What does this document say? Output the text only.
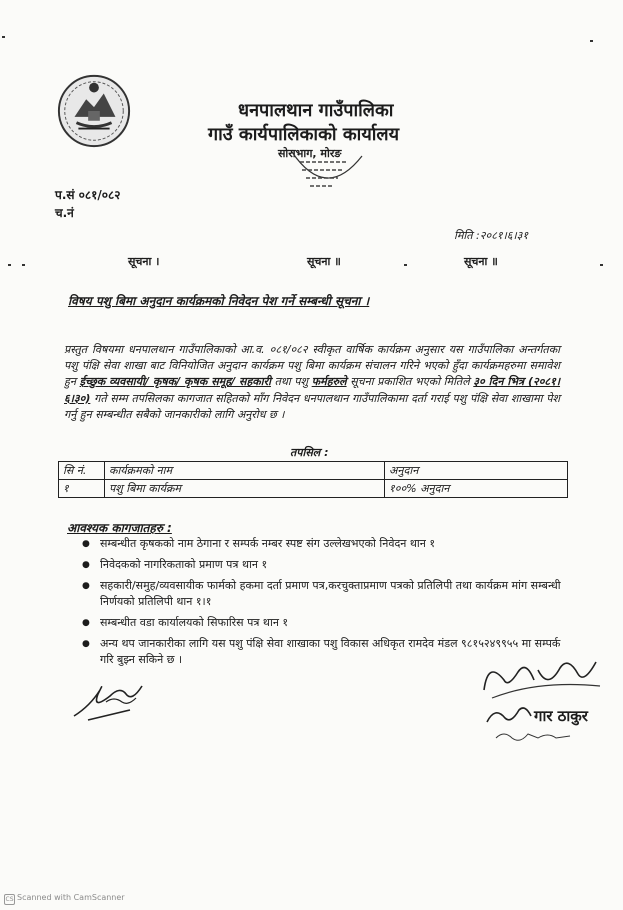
धनपालथान गाउँपालिका
गाउँ कार्यपालिकाको कार्यालय
सोराभाग, मोरङ
प.सं ०८१/०८२
च.नं
मिति :२०८१।६।३१
सूचना ।	सूचना ॥	सूचना ॥
विषय पशु बिमा अनुदान कार्यक्रमको निवेदन पेश गर्ने सम्बन्धी सूचना ।
प्रस्तुत विषयमा धनपालथान गाउँपालिकाको आ.व. ०८१/०८२ स्वीकृत वार्षिक कार्यक्रम अनुसार यस गाउँपालिका अन्तर्गतका पशु पंक्षि सेवा शाखा बाट विनियोजित अनुदान कार्यक्रम पशु बिमा कार्यक्रम संचालन गरिने भएको हुँदा कार्यक्रमहरुमा समावेश हुन ईच्छुक व्यवसायी/ कृषक/ कृषक समूह/ सहकारी तथा पशु फर्महरुले सूचना प्रकाशित भएको मितिले ३० दिन भित्र (२०८१।६।३०) गते सम्म तपसिलका कागजात सहितको माँग निवेदन धनपालथान गाउँपालिकामा दर्ता गराई पशु पंक्षि सेवा शाखामा पेश गर्नु हुन सम्बन्धीत सबैको जानकारीको लागि अनुरोध छ ।
तपसिल :
सि नं.	कार्यक्रमको नाम	अनुदान
१	पशु बिमा कार्यक्रम	१००% अनुदान
आवश्यक कागजातहरु :
● सम्बन्धीत कृषकको नाम ठेगाना र सम्पर्क नम्बर स्पष्ट संग उल्लेखभएको निवेदन थान १
● निवेदकको नागरिकताको प्रमाण पत्र थान १
● सहकारी/समुह/व्यवसायीक फार्मको हकमा दर्ता प्रमाण पत्र,करचुक्ताप्रमाण पत्रको प्रतिलिपी तथा कार्यक्रम मांग सम्बन्धी निर्णयको प्रतिलिपी थान १।१
● सम्बन्धीत वडा कार्यालयको सिफारिस पत्र थान १
● अन्य थप जानकारीका लागि यस पशु पंक्षि सेवा शाखाका पशु विकास अधिकृत रामदेव मंडल ९८१५२४९९५५ मा सम्पर्क गरि बुझ्न सकिने छ ।
गार ठाकुर
CS Scanned with CamScanner
